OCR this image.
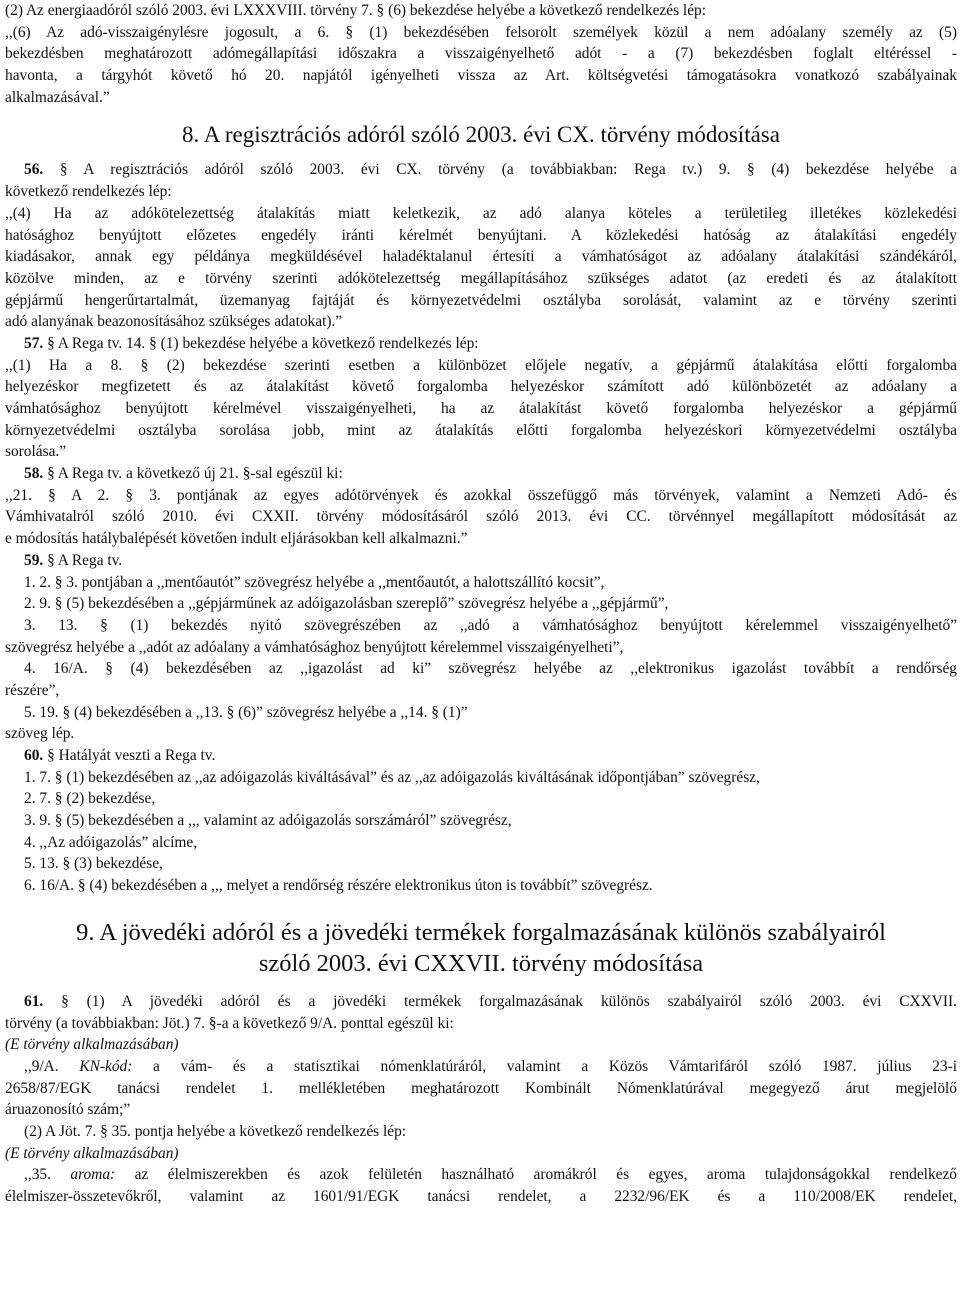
(2) Az energiaadóról szóló 2003. évi LXXXVIII. törvény 7. § (6) bekezdése helyébe a következő rendelkezés lép:
,,(6) Az adó-visszaigénylésre jogosult, a 6. § (1) bekezdésében felsorolt személyek közül a nem adóalany személy az (5)
bekezdésben meghatározott adómegállapítási időszakra a visszaigényelhető adót - a (7) bekezdésben foglalt eltéréssel -
havonta, a tárgyhót követő hó 20. napjától igényelheti vissza az Art. költségvetési támogatásokra vonatkozó szabályainak
alkalmazásával.”
8. A regisztrációs adóról szóló 2003. évi CX. törvény módosítása
56. § A regisztrációs adóról szóló 2003. évi CX. törvény (a továbbiakban: Rega tv.) 9. § (4) bekezdése helyébe a
következő rendelkezés lép:
,,(4) Ha az adókötelezettség átalakítás miatt keletkezik, az adó alanya köteles a területileg illetékes közlekedési
hatósághoz benyújtott előzetes engedély iránti kérelmét benyújtani. A közlekedési hatóság az átalakítási engedély
kiadásakor, annak egy példánya megküldésével haladéktalanul értesíti a vámhatóságot az adóalany átalakítási szándékáról,
közölve minden, az e törvény szerinti adókötelezettség megállapításához szükséges adatot (az eredeti és az átalakított
gépjármű hengerűrtartalmát, üzemanyag fajtáját és környezetvédelmi osztályba sorolását, valamint az e törvény szerinti
adó alanyának beazonosításához szükséges adatokat).”
57. § A Rega tv. 14. § (1) bekezdése helyébe a következő rendelkezés lép:
,,(1) Ha a 8. § (2) bekezdése szerinti esetben a különbözet előjele negatív, a gépjármű átalakítása előtti forgalomba
helyezéskor megfizetett és az átalakítást követő forgalomba helyezéskor számított adó különbözetét az adóalany a
vámhatósághoz benyújtott kérelmével visszaigényelheti, ha az átalakítást követő forgalomba helyezéskor a gépjármű
környezetvédelmi osztályba sorolása jobb, mint az átalakítás előtti forgalomba helyezéskori környezetvédelmi osztályba
sorolása.”
58. § A Rega tv. a következő új 21. §-sal egészül ki:
,,21. § A 2. § 3. pontjának az egyes adótörvények és azokkal összefüggő más törvények, valamint a Nemzeti Adó- és
Vámhivatalról szóló 2010. évi CXXII. törvény módosításáról szóló 2013. évi CC. törvénnyel megállapított módosítását az
e módosítás hatálybalépését követően indult eljárásokban kell alkalmazni.”
59. § A Rega tv.
1. 2. § 3. pontjában a ,,mentőautót” szövegrész helyébe a ,,mentőautót, a halottszállító kocsit”,
2. 9. § (5) bekezdésében a ,,gépjárműnek az adóigazolásban szereplő” szövegrész helyébe a ,,gépjármű”,
3. 13. § (1) bekezdés nyitó szövegrészében az ,,adó a vámhatósághoz benyújtott kérelemmel visszaigényelhető”
szövegrész helyébe a ,,adót az adóalany a vámhatósághoz benyújtott kérelemmel visszaigényelheti”,
4. 16/A. § (4) bekezdésében az ,,igazolást ad ki” szövegrész helyébe az ,,elektronikus igazolást továbbít a rendőrség
részére”,
5. 19. § (4) bekezdésében a ,,13. § (6)” szövegrész helyébe a ,,14. § (1)”
szöveg lép.
60. § Hatályát veszti a Rega tv.
1. 7. § (1) bekezdésében az ,,az adóigazolás kiváltásával” és az ,,az adóigazolás kiváltásának időpontjában” szövegrész,
2. 7. § (2) bekezdése,
3. 9. § (5) bekezdésében a ,,, valamint az adóigazolás sorszámáról” szövegrész,
4. ,,Az adóigazolás” alcíme,
5. 13. § (3) bekezdése,
6. 16/A. § (4) bekezdésében a ,,, melyet a rendőrség részére elektronikus úton is továbbít” szövegrész.
9. A jövedéki adóról és a jövedéki termékek forgalmazásának különös szabályairól
szóló 2003. évi CXXVII. törvény módosítása
61. § (1) A jövedéki adóról és a jövedéki termékek forgalmazásának különös szabályairól szóló 2003. évi CXXVII.
törvény (a továbbiakban: Jöt.) 7. §-a a következő 9/A. ponttal egészül ki:
(E törvény alkalmazásában)
,,9/A. KN-kód: a vám- és a statisztikai nómenklatúráról, valamint a Közös Vámtarifáról szóló 1987. július 23-i
2658/87/EGK tanácsi rendelet 1. mellékletében meghatározott Kombinált Nómenklatúrával megegyező árut megjelölő
áruazonosító szám;”
(2) A Jöt. 7. § 35. pontja helyébe a következő rendelkezés lép:
(E törvény alkalmazásában)
,,35. aroma: az élelmiszerekben és azok felületén használható aromákról és egyes, aroma tulajdonságokkal rendelkező
élelmiszer-összetevőkről, valamint az 1601/91/EGK tanácsi rendelet, a 2232/96/EK és a 110/2008/EK rendelet,
